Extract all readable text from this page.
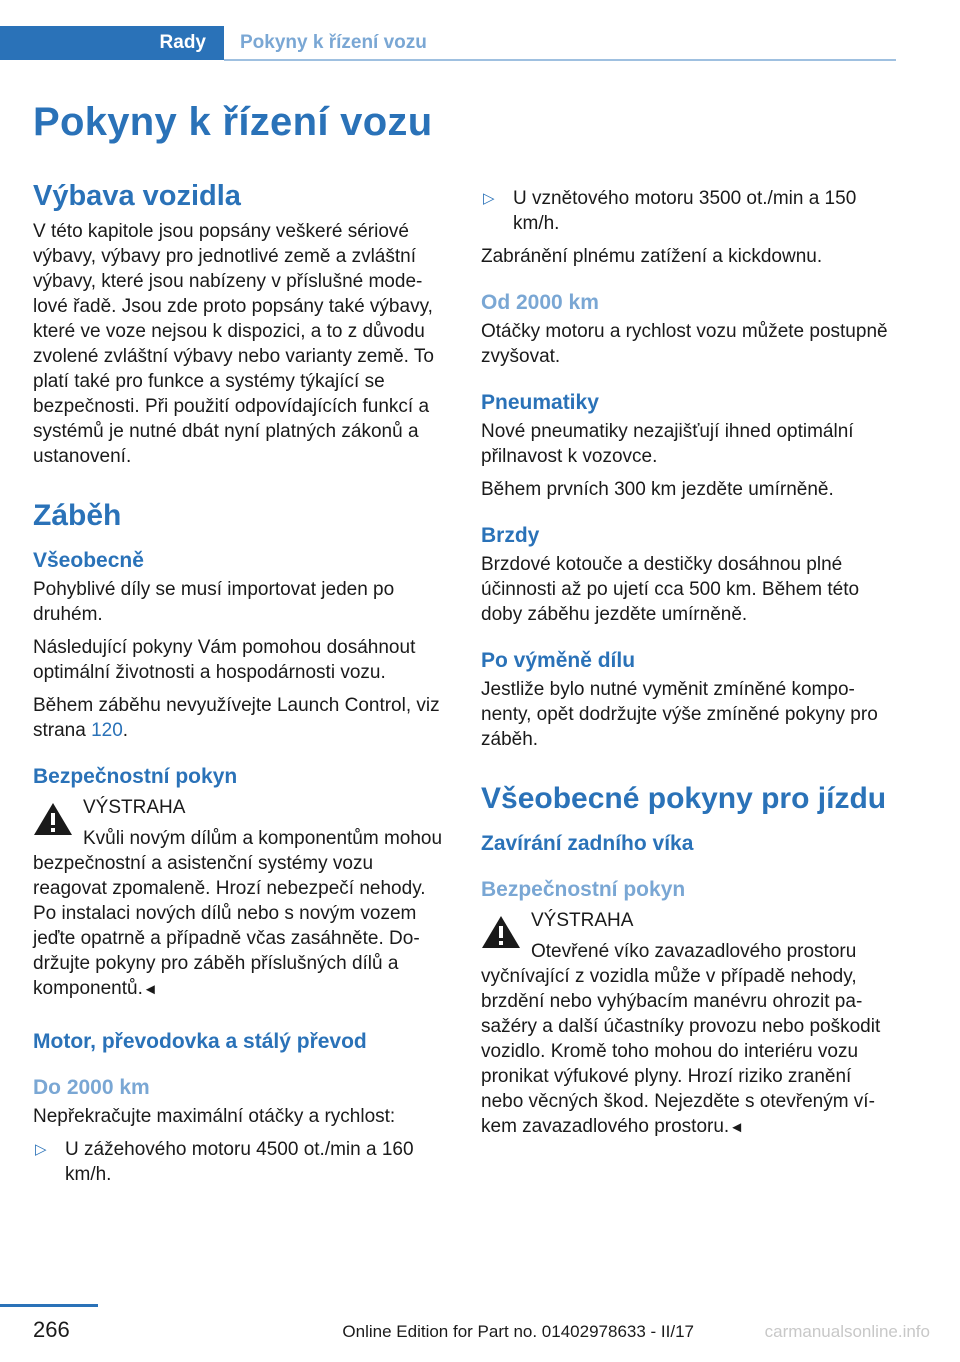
Rady	Pokyny k řízení vozu
Pokyny k řízení vozu
Výbava vozidla

V této kapitole jsou popsány veškeré sériové výbavy, výbavy pro jednotlivé země a zvláštní výbavy, které jsou nabízeny v příslušné modelové řadě. Jsou zde proto popsány také výbavy, které ve voze nejsou k dispozici, a to z důvodu zvolené zvláštní výbavy nebo varianty země. To platí také pro funkce a systémy týkající se bezpečnosti. Při použití odpovídajících funkcí a systémů je nutné dbát nyní platných zákonů a ustanovení.

Záběh
Všeobecně

Pohyblivé díly se musí importovat jeden po druhém.

Následující pokyny Vám pomohou dosáhnout optimální životnosti a hospodárnosti vozu.

Během záběhu nevyužívejte Launch Control, viz strana 120.

Bezpečnostní pokyn

VÝSTRAHA

Kvůli novým dílům a komponentům mohou bezpečnostní a asistenční systémy vozu reagovat zpomaleně. Hrozí nebezpečí nehody. Po instalaci nových dílů nebo s novým vozem jeďte opatrně a případně včas zasáhněte. Dodržujte pokyny pro záběh příslušných dílů a komponentů.◄

Motor, převodovka a stálý převod
Do 2000 km

Nepřekračujte maximální otáčky a rychlost:

▷ U zážehového motoru 4500 ot./min a 160 km/h.
▷ U vznětového motoru 3500 ot./min a 150 km/h.

Zabránění plnému zatížení a kickdownu.

Od 2000 km

Otáčky motoru a rychlost vozu můžete postupně zvyšovat.

Pneumatiky

Nové pneumatiky nezajišťují ihned optimální přilnavost k vozovce.

Během prvních 300 km jezděte umírněně.

Brzdy

Brzdové kotouče a destičky dosáhnou plné účinnosti až po ujetí cca 500 km. Během této doby záběhu jezděte umírněně.

Po výměně dílu

Jestliže bylo nutné vyměnit zmíněné komponenty, opět dodržujte výše zmíněné pokyny pro záběh.

Všeobecné pokyny pro jízdu
Zavírání zadního víka
Bezpečnostní pokyn

VÝSTRAHA

Otevřené víko zavazadlového prostoru vyčnívající z vozidla může v případě nehody, brzdění nebo vyhýbacím manévru ohrozit pasažéry a další účastníky provozu nebo poškodit vozidlo. Kromě toho mohou do interiéru vozu pronikat výfukové plyny. Hrozí riziko zranění nebo věcných škod. Nejezděte s otevřeným víkem zavazadlového prostoru.◄

266	Online Edition for Part no. 01402978633 - II/17	carmanualsonline.info
